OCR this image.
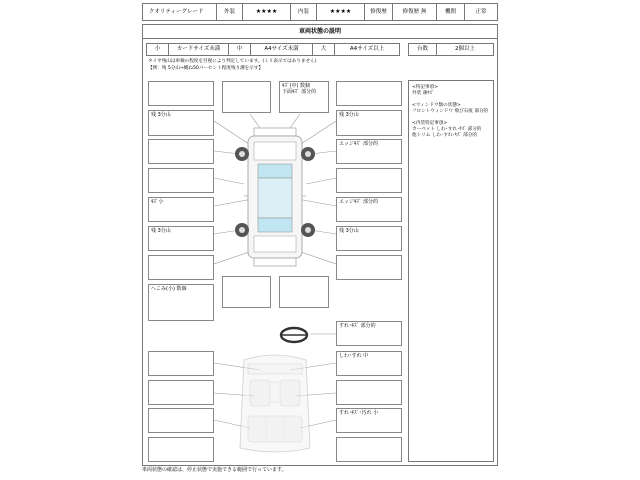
クオリティーグレード	外装	★★★★	内装	★★★★	修復歴	修復歴 無	機関	正常
車両状態の説明
小	カードサイズ未満	中	A4サイズ未満	大	A4サイズ以上	台数	2個以上
タイヤ残山は車検の程度を目視により判定しています。(ミリ表示ではありません)
【例：残 5分山→概ね50パーセント程度残り溝を示す】
<特記事項>
外装 薄ｷｽﾞ
<ウィンドウ類の状態>
フロントウィンドウ 飛び石痕 部分的
<内装特記事項>
カーペット しわ･すれ･ｷｽﾞ 部分的
他トリム しわ･すれ･ｷｽﾞ 部分的
残 3分山
ｷｽﾞ小
残 3分山
へこみ(小) 数個
ｷｽﾞ(中) 数個
下面ｷｽﾞ 部分的
残 3分山
エッジｷｽﾞ 部分的
エッジｷｽﾞ 部分的
残 3分山
すれ･ｷｽﾞ 部分的
しわ･すれ 中
すれ･ｷｽﾞ･汚れ 小
車両状態の確認は、停止状態で実施できる範囲で行っています。
